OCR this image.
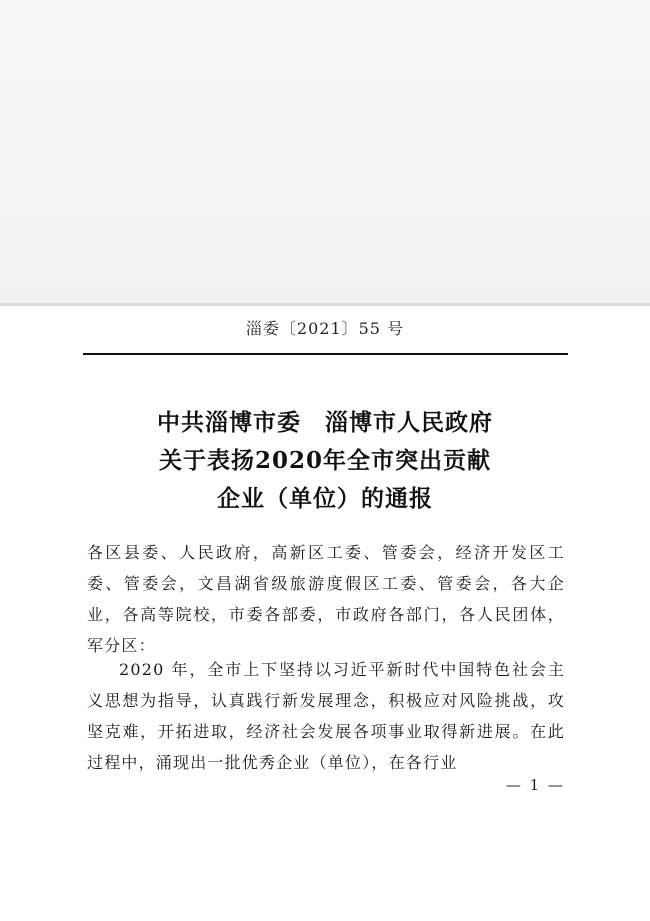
淄委〔2021〕55 号
中共淄博市委　淄博市人民政府
关于表扬2020年全市突出贡献
企业（单位）的通报
各区县委、人民政府，高新区工委、管委会，经济开发区工委、管委会，文昌湖省级旅游度假区工委、管委会，各大企业，各高等院校，市委各部委，市政府各部门，各人民团体，军分区：
2020 年，全市上下坚持以习近平新时代中国特色社会主义思想为指导，认真践行新发展理念，积极应对风险挑战，攻坚克难，开拓进取，经济社会发展各项事业取得新进展。在此过程中，涌现出一批优秀企业（单位），在各行业
— 1 —
